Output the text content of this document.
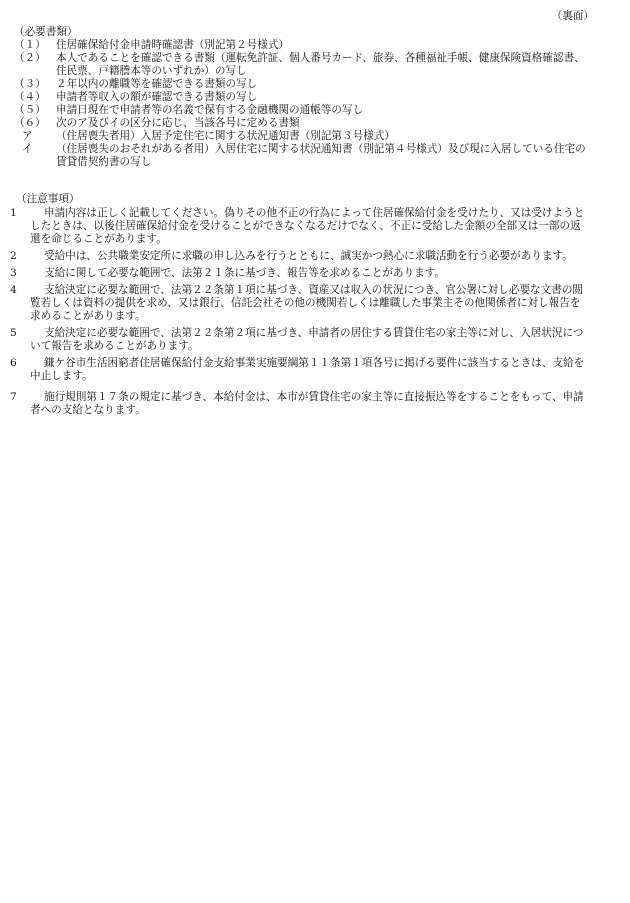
（裏面）
（必要書類）
（１） 住居確保給付金申請時確認書（別記第２号様式）
（２） 本人であることを確認できる書類（運転免許証、個人番号カード、旅券、各種福祉手帳、健康保険資格確認書、住民票、戸籍謄本等のいずれか）の写し
（３） ２年以内の離職等を確認できる書類の写し
（４） 申請者等収入の額が確認できる書類の写し
（５） 申請日現在で申請者等の名義で保有する金融機関の通帳等の写し
（６） 次のア及びイの区分に応じ、当該各号に定める書類
ア	（住居喪失者用）入居予定住宅に関する状況通知書（別記第３号様式）
イ	（住居喪失のおそれがある者用）入居住宅に関する状況通知書（別記第４号様式）及び現に入居している住宅の賃貸借契約書の写し
（注意事項）
1	申請内容は正しく記載してください。偽りその他不正の行為によって住居確保給付金を受けたり、又は受けようとしたときは、以後住居確保給付金を受けることができなくなるだけでなく、不正に受給した金額の全部又は一部の返還を命じることがあります。
2	受給中は、公共職業安定所に求職の申し込みを行うとともに、誠実かつ熱心に求職活動を行う必要があります。
3	支給に関して必要な範囲で、法第２１条に基づき、報告等を求めることがあります。
4	支給決定に必要な範囲で、法第２２条第１項に基づき、資産又は収入の状況につき、官公署に対し必要な文書の閲覧若しくは資料の提供を求め、又は銀行、信託会社その他の機関若しくは離職した事業主その他関係者に対し報告を求めることがあります。
5	支給決定に必要な範囲で、法第２２条第２項に基づき、申請者の居住する賃貸住宅の家主等に対し、入居状況について報告を求めることがあります。
6	鎌ケ谷市生活困窮者住居確保給付金支給事業実施要綱第１１条第１項各号に掲げる要件に該当するときは、支給を中止します。
7	施行規則第１７条の規定に基づき、本給付金は、本市が賃貸住宅の家主等に直接振込等をすることをもって、申請者への支給となります。
